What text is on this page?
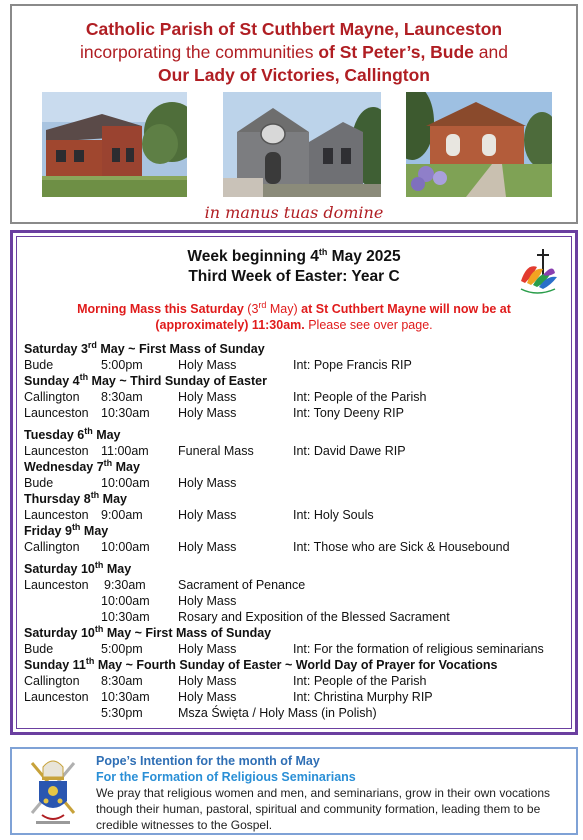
Catholic Parish of St Cuthbert Mayne, Launceston
incorporating the communities of St Peter’s, Bude and
Our Lady of Victories, Callington
in manus tuas domine
Week beginning 4th May 2025
Third Week of Easter: Year C
Morning Mass this Saturday (3rd May) at St Cuthbert Mayne will now be at (approximately) 11:30am. Please see over page.
Saturday 3rd May ~ First Mass of Sunday
Bude	5:00pm	Holy Mass	Int: Pope Francis RIP
Sunday 4th May ~ Third Sunday of Easter
Callington 8:30am	Holy Mass	Int: People of the Parish
Launceston 10:30am Holy Mass	Int: Tony Deeny RIP
Tuesday 6th May
Launceston 11:00am Funeral Mass	Int: David Dawe RIP
Wednesday 7th May
Bude	10:00am Holy Mass
Thursday 8th May
Launceston 9:00am	Holy Mass	Int: Holy Souls
Friday 9th May
Callington 10:00am Holy Mass	Int: Those who are Sick & Housebound
Saturday 10th May
Launceston 9:30am	Sacrament of Penance
10:00am Holy Mass
10:30am Rosary and Exposition of the Blessed Sacrament
Saturday 10th May ~ First Mass of Sunday
Bude	5:00pm	Holy Mass	Int: For the formation of religious seminarians
Sunday 11th May ~ Fourth Sunday of Easter ~ World Day of Prayer for Vocations
Callington 8:30am	Holy Mass	Int: People of the Parish
Launceston 10:30am Holy Mass	Int: Christina Murphy RIP
5:30pm	Msza Święta / Holy Mass (in Polish)
Pope’s Intention for the month of May
For the Formation of Religious Seminarians
We pray that religious women and men, and seminarians, grow in their own vocations though their human, pastoral, spiritual and community formation, leading them to be credible witnesses to the Gospel.
